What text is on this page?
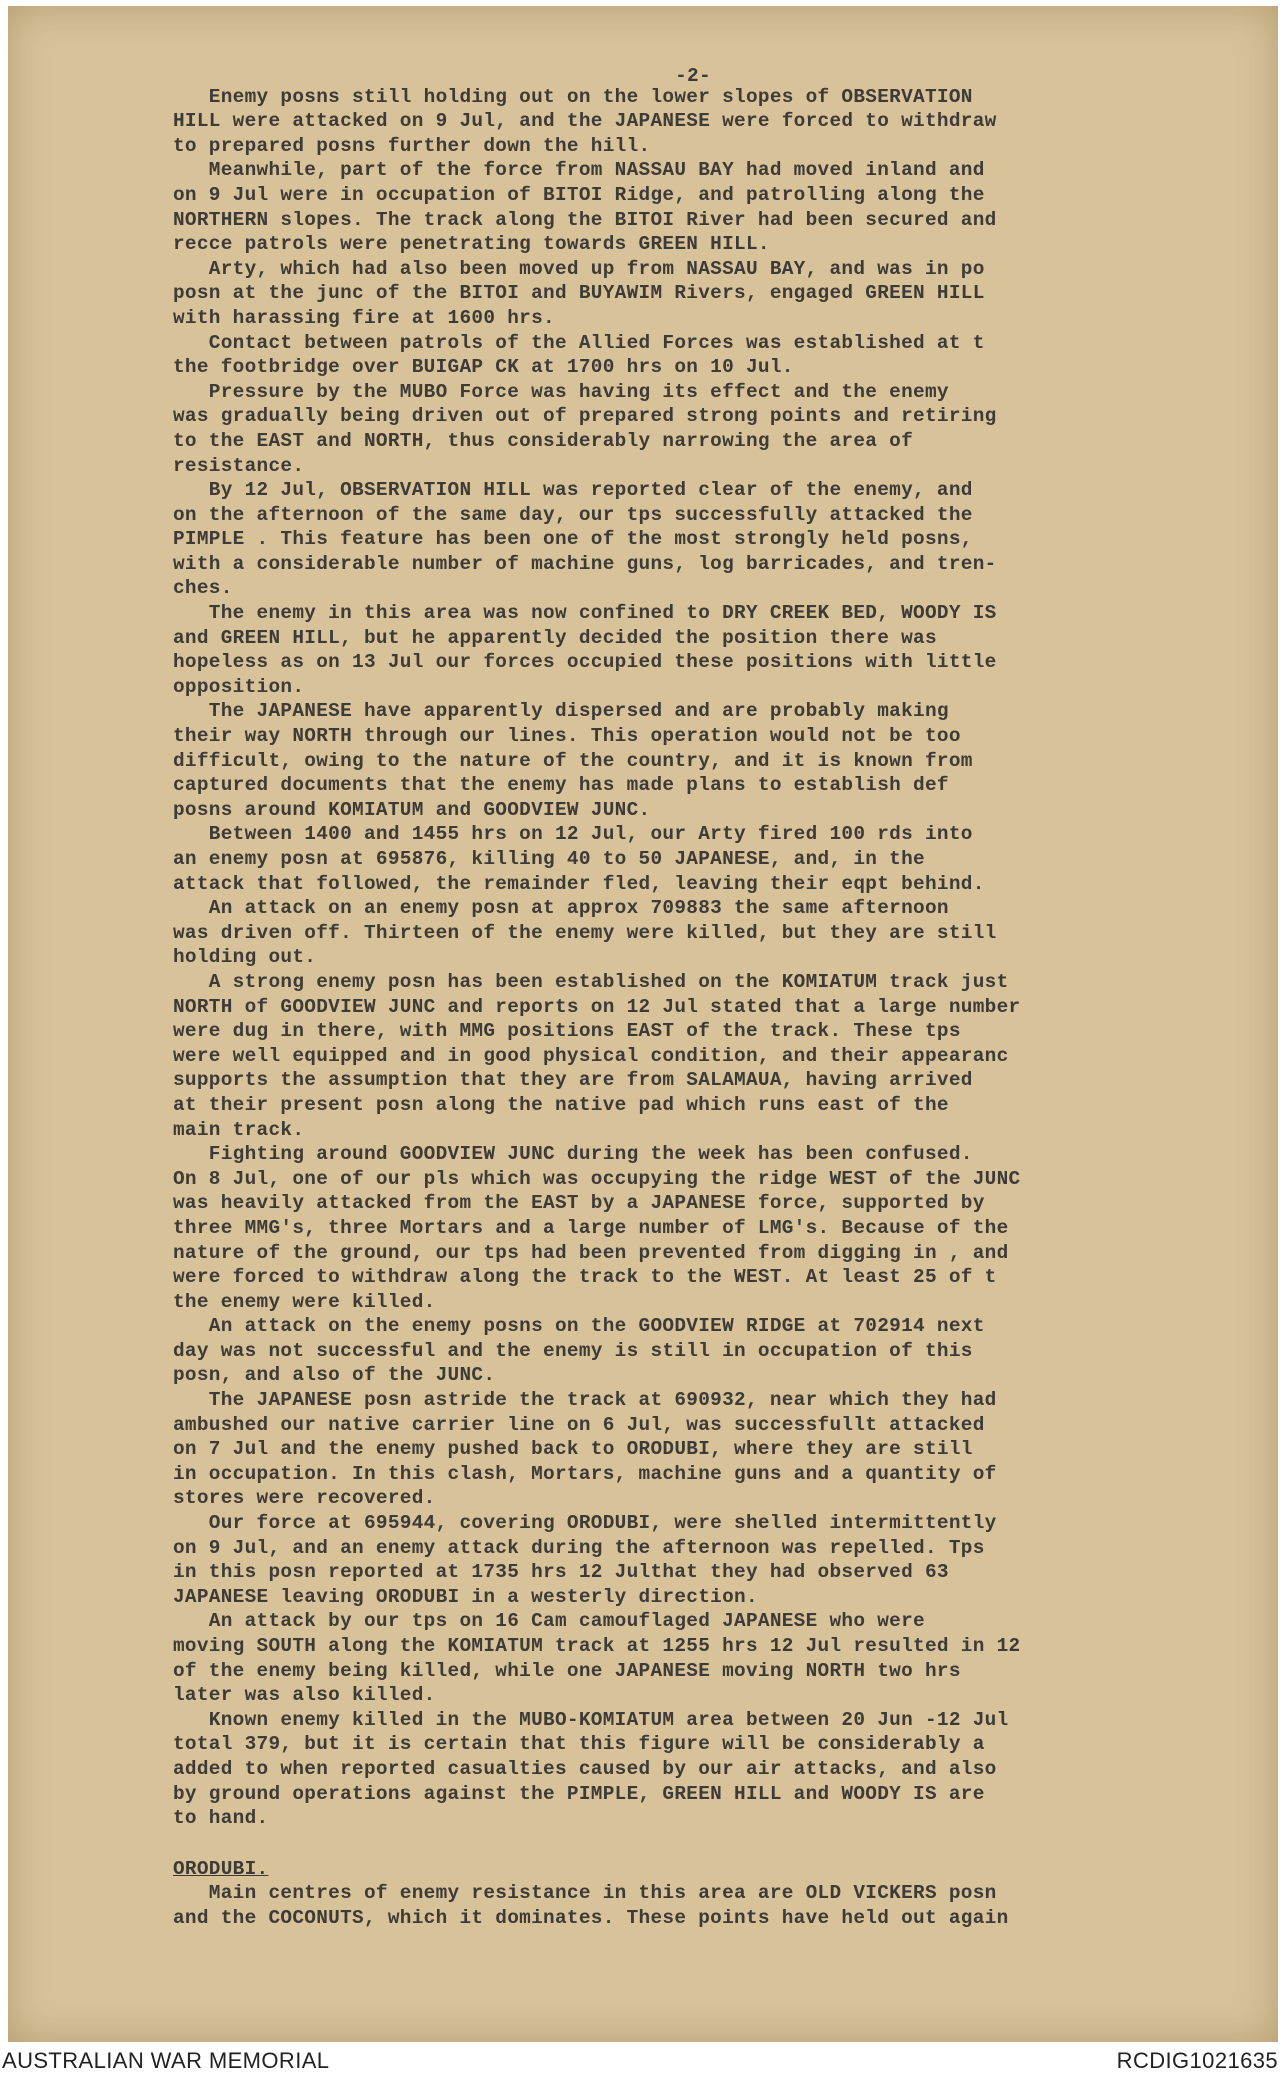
-2-
Enemy posns still holding out on the lower slopes of OBSERVATION
HILL were attacked on 9 Jul, and the JAPANESE were forced to withdraw
to prepared posns further down the hill.
Meanwhile, part of the force from NASSAU BAY had moved inland and
on 9 Jul were in occupation of BITOI Ridge, and patrolling along the
NORTHERN slopes. The track along the BITOI River had been secured and
recce patrols were penetrating towards GREEN HILL.
Arty, which had also been moved up from NASSAU BAY, and was in po
posn at the junc of the BITOI and BUYAWIM Rivers, engaged GREEN HILL
with harassing fire at 1600 hrs.
Contact between patrols of the Allied Forces was established at t
the footbridge over BUIGAP CK at 1700 hrs on 10 Jul.
Pressure by the MUBO Force was having its effect and the enemy
was gradually being driven out of prepared strong points and retiring
to the EAST and NORTH, thus considerably narrowing the area of
resistance.
By 12 Jul, OBSERVATION HILL was reported clear of the enemy, and
on the afternoon of the same day, our tps successfully attacked the
PIMPLE . This feature has been one of the most strongly held posns,
with a considerable number of machine guns, log barricades, and tren-
ches.
The enemy in this area was now confined to DRY CREEK BED, WOODY IS
and GREEN HILL, but he apparently decided the position there was
hopeless as on 13 Jul our forces occupied these positions with little
opposition.
The JAPANESE have apparently dispersed and are probably making
their way NORTH through our lines. This operation would not be too
difficult, owing to the nature of the country, and it is known from
captured documents that the enemy has made plans to establish def
posns around KOMIATUM and GOODVIEW JUNC.
Between 1400 and 1455 hrs on 12 Jul, our Arty fired 100 rds into
an enemy posn at 695876, killing 40 to 50 JAPANESE, and, in the
attack that followed, the remainder fled, leaving their eqpt behind.
An attack on an enemy posn at approx 709883 the same afternoon
was driven off. Thirteen of the enemy were killed, but they are still
holding out.
A strong enemy posn has been established on the KOMIATUM track just
NORTH of GOODVIEW JUNC and reports on 12 Jul stated that a large number
were dug in there, with MMG positions EAST of the track. These tps
were well equipped and in good physical condition, and their appearanc
supports the assumption that they are from SALAMAUA, having arrived
at their present posn along the native pad which runs east of the
main track.
Fighting around GOODVIEW JUNC during the week has been confused.
On 8 Jul, one of our pls which was occupying the ridge WEST of the JUNC
was heavily attacked from the EAST by a JAPANESE force, supported by
three MMG's, three Mortars and a large number of LMG's. Because of the
nature of the ground, our tps had been prevented from digging in , and
were forced to withdraw along the track to the WEST. At least 25 of t
the enemy were killed.
An attack on the enemy posns on the GOODVIEW RIDGE at 702914 next
day was not successful and the enemy is still in occupation of this
posn, and also of the JUNC.
The JAPANESE posn astride the track at 690932, near which they had
ambushed our native carrier line on 6 Jul, was successfullt attacked
on 7 Jul and the enemy pushed back to ORODUBI, where they are still
in occupation. In this clash, Mortars, machine guns and a quantity of
stores were recovered.
Our force at 695944, covering ORODUBI, were shelled intermittently
on 9 Jul, and an enemy attack during the afternoon was repelled. Tps
in this posn reported at 1735 hrs 12 Julthat they had observed 63
JAPANESE leaving ORODUBI in a westerly direction.
An attack by our tps on 16 Cam camouflaged JAPANESE who were
moving SOUTH along the KOMIATUM track at 1255 hrs 12 Jul resulted in 12
of the enemy being killed, while one JAPANESE moving NORTH two hrs
later was also killed.
Known enemy killed in the MUBO-KOMIATUM area between 20 Jun -12 Jul
total 379, but it is certain that this figure will be considerably a
added to when reported casualties caused by our air attacks, and also
by ground operations against the PIMPLE, GREEN HILL and WOODY IS are
to hand.
ORODUBI.
Main centres of enemy resistance in this area are OLD VICKERS posn
and the COCONUTS, which it dominates. These points have held out again
AUSTRALIAN WAR MEMORIAL	RCDIG1021635
